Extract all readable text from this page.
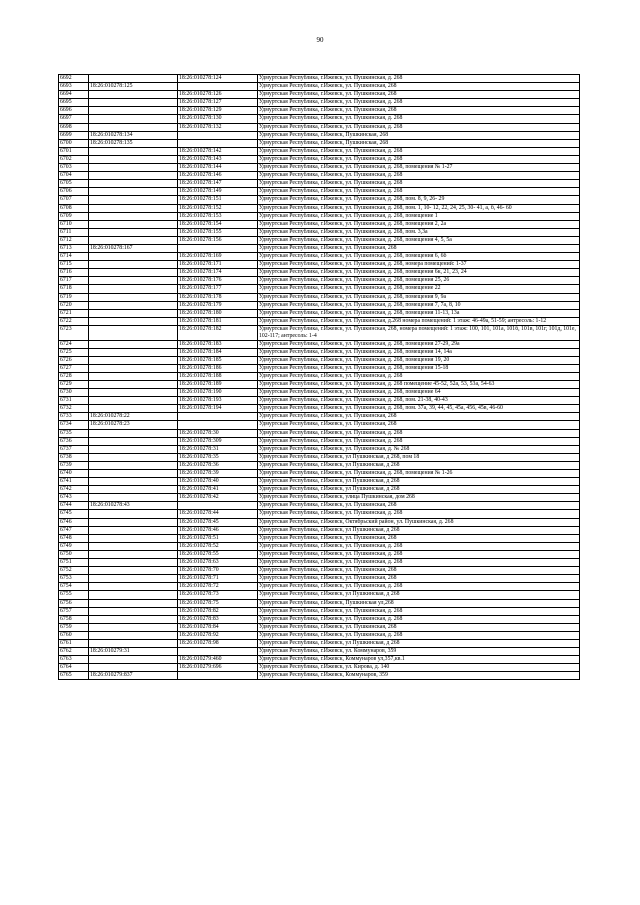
90
6692		18:26:010278:124	Удмуртская Республика, г.Ижевск, ул. Пушкинская, д. 268
6693	18:26:010278:125		Удмуртская Республика, г.Ижевск, ул. Пушкинская, 268
6694		18:26:010278:126	Удмуртская Республика, г.Ижевск, ул. Пушкинская, 268
6695		18:26:010278:127	Удмуртская Республика, г.Ижевск, ул. Пушкинская, д. 268
6696		18:26:010278:129	Удмуртская Республика, г.Ижевск, ул. Пушкинская, 268
6697		18:26:010278:130	Удмуртская Республика, г.Ижевск, ул. Пушкинская, д. 268
6698		18:26:010278:132	Удмуртская Республика, г.Ижевск, ул. Пушкинская, д. 268
6699	18:26:010278:134		Удмуртская Республика, г.Ижевск, Пушкинская, 268
6700	18:26:010278:135		Удмуртская Республика, г.Ижевск, Пушкинская, 268
6701		18:26:010278:142	Удмуртская Республика, г.Ижевск, ул. Пушкинская, д. 268
6702		18:26:010278:143	Удмуртская Республика, г.Ижевск, ул. Пушкинская, д. 268
6703		18:26:010278:144	Удмуртская Республика, г.Ижевск, ул. Пушкинская, д. 268, помещения № 1-27
6704		18:26:010278:146	Удмуртская Республика, г.Ижевск, ул. Пушкинская, д. 268
6705		18:26:010278:147	Удмуртская Республика, г.Ижевск, ул. Пушкинская, д. 268
6706		18:26:010278:149	Удмуртская Республика, г.Ижевск, ул. Пушкинская, д. 268
6707		18:26:010278:151	Удмуртская Республика, г.Ижевск, ул. Пушкинская, д. 268, пом. 8, 9, 26- 29
6708		18:26:010278:152	Удмуртская Республика, г.Ижевск, ул. Пушкинская, д. 268, пом. 1, 10- 12, 22, 24, 25, 30- 41, а, б, 46- 60
6709		18:26:010278:153	Удмуртская Республика, г.Ижевск, ул. Пушкинская, д. 268, помещение 1
6710		18:26:010278:154	Удмуртская Республика, г.Ижевск, ул. Пушкинская, д. 268, помещения 2, 2а
6711		18:26:010278:155	Удмуртская Республика, г.Ижевск, ул. Пушкинская, д. 268, пом. 3,3а
6712		18:26:010278:156	Удмуртская Республика, г.Ижевск, ул. Пушкинская, д. 268, помещения 4, 5, 5а
6713	18:26:010278:167		Удмуртская Республика, г.Ижевск, ул. Пушкинская, 268
6714		18:26:010278:169	Удмуртская Республика, г.Ижевск, ул. Пушкинская, д. 268, помещения 6, 6б
6715		18:26:010278:171	Удмуртская Республика, г.Ижевск, ул. Пушкинская, д. 268, номера помещений: 1-37
6716		18:26:010278:174	Удмуртская Республика, г.Ижевск, ул. Пушкинская, д. 268, помещения 6к, 21, 23, 24
6717		18:26:010278:176	Удмуртская Республика, г.Ижевск, ул. Пушкинская, д. 268, помещения 25, 26
6718		18:26:010278:177	Удмуртская Республика, г.Ижевск, ул. Пушкинская, д. 268, помещение 22
6719		18:26:010278:178	Удмуртская Республика, г.Ижевск, ул. Пушкинская, д. 268, помещения 9, 9а
6720		18:26:010278:179	Удмуртская Республика, г.Ижевск, ул. Пушкинская, д. 268, помещения 7, 7а, 8, 10
6721		18:26:010278:180	Удмуртская Республика, г.Ижевск, ул. Пушкинская, д. 268, помещения 11-13, 13а
6722		18:26:010278:181	Удмуртская Республика, г.Ижевск, ул. Пушкинская, д.268 номера помещений: 1 этаж: 46-49а, 51-59; антресоль: 1-12
6723		18:26:010278:182	Удмуртская Республика, г.Ижевск, ул. Пушкинская, 268, номера помещений: 1 этаж: 100, 101, 101а, 101б, 101в, 101г, 101д, 101е, 102-117; антресоль: 1-4
6724		18:26:010278:183	Удмуртская Республика, г.Ижевск, ул. Пушкинская, д. 268, помещения 27-29, 29а
6725		18:26:010278:184	Удмуртская Республика, г.Ижевск, ул. Пушкинская, д. 268, помещения 14, 14а
6726		18:26:010278:185	Удмуртская Республика, г.Ижевск, ул. Пушкинская, д. 268, помещения 19, 20
6727		18:26:010278:186	Удмуртская Республика, г.Ижевск, ул. Пушкинская, д. 268, помещения 15-18
6728		18:26:010278:188	Удмуртская Республика, г.Ижевск, ул. Пушкинская, д. 268
6729		18:26:010278:189	Удмуртская Республика, г.Ижевск, ул. Пушкинская, д. 268 помещение 45-52, 52а, 53, 53а, 54-63
6730		18:26:010278:190	Удмуртская Республика, г.Ижевск, ул. Пушкинская, д. 268, помещение 64
6731		18:26:010278:193	Удмуртская Республика, г.Ижевск, ул. Пушкинская, д. 268, пом. 21-38, 40-43
6732		18:26:010278:194	Удмуртская Республика, г.Ижевск, ул. Пушкинская, д. 268, пом. 37а, 39, 44, 45, 45а, 456, 45в, 46-60
6733	18:26:010278:22		Удмуртская Республика, г.Ижевск, ул. Пушкинская, 268
6734	18:26:010278:23		Удмуртская Республика, г.Ижевск, ул. Пушкинская, 268
6735		18:26:010278:30	Удмуртская Республика, г.Ижевск, ул. Пушкинская, д. 268
6736		18:26:010278:309	Удмуртская Республика, г.Ижевск, ул. Пушкинская, д. 268
6737		18:26:010278:31	Удмуртская Республика, г.Ижевск, ул. Пушкинская, д. № 268
6738		18:26:010278:35	Удмуртская Республика, г.Ижевск, ул Пушкинская, д 268, пом 18
6739		18:26:010278:36	Удмуртская Республика, г.Ижевск, ул Пушкинская, д 268
6740		18:26:010278:39	Удмуртская Республика, г.Ижевск, ул. Пушкинская, д. 268, помещения № 1-26
6741		18:26:010278:40	Удмуртская Республика, г.Ижевск, ул Пушкинская, д 268
6742		18:26:010278:41	Удмуртская Республика, г.Ижевск, ул Пушкинская, д 268
6743		18:26:010278:42	Удмуртская Республика, г.Ижевск, улица Пушкинская, дом 268
6744	18:26:010278:43		Удмуртская Республика, г.Ижевск, ул. Пушкинская, 268
6745		18:26:010278:44	Удмуртская Республика, г.Ижевск, ул. Пушкинская, д. 268
6746		18:26:010278:45	Удмуртская Республика, г.Ижевск, Октябрьский район, ул. Пушкинская, д. 268
6747		18:26:010278:46	Удмуртская Республика, г.Ижевск, ул Пушкинская, д 268
6748		18:26:010278:51	Удмуртская Республика, г.Ижевск, ул. Пушкинская, 268
6749		18:26:010278:52	Удмуртская Республика, г.Ижевск, ул. Пушкинская, д. 268
6750		18:26:010278:55	Удмуртская Республика, г.Ижевск, ул. Пушкинская, д. 268
6751		18:26:010278:63	Удмуртская Республика, г.Ижевск, ул. Пушкинская, д. 268
6752		18:26:010278:70	Удмуртская Республика, г.Ижевск, ул. Пушкинская, 268
6753		18:26:010278:71	Удмуртская Республика, г.Ижевск, ул. Пушкинская, 268
6754		18:26:010278:72	Удмуртская Республика, г.Ижевск, ул. Пушкинская, д. 268
6755		18:26:010278:73	Удмуртская Республика, г.Ижевск, ул Пушкинская, д 268
6756		18:26:010278:75	Удмуртская Республика, г.Ижевск, Пушкинская ул,268
6757		18:26:010278:82	Удмуртская Республика, г.Ижевск, ул. Пушкинская, д. 268
6758		18:26:010278:83	Удмуртская Республика, г.Ижевск, ул. Пушкинская, д. 268
6759		18:26:010278:84	Удмуртская Республика, г.Ижевск, ул. Пушкинская, 268
6760		18:26:010278:92	Удмуртская Республика, г.Ижевск, ул. Пушкинская, д. 268
6761		18:26:010278:98	Удмуртская Республика, г.Ижевск, ул Пушкинская, д 268
6762	18:26:010279:31		Удмуртская Республика, г.Ижевск, ул. Коммунаров, 359
6763		18:26:010279:460	Удмуртская Республика, г.Ижевск, Коммунаров ул,357,кв.1
6764		18:26:010279:696	Удмуртская Республика, г.Ижевск, ул. Кирова, д. 140
6765	18:26:010279:837		Удмуртская Республика, г.Ижевск, Коммунаров, 359
